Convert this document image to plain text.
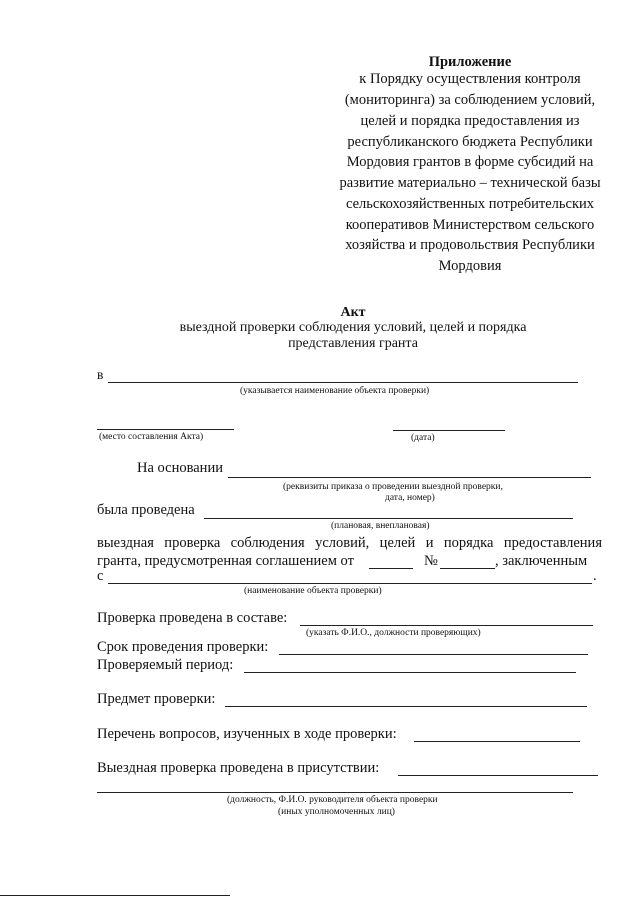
Приложение
к Порядку осуществления контроля
(мониторинга) за соблюдением условий,
целей и порядка предоставления из
республиканского бюджета Республики
Мордовия грантов в форме субсидий на
развитие материально – технической базы
сельскохозяйственных потребительских
кооперативов Министерством сельского
хозяйства и продовольствия Республики
Мордовия
Акт
выездной проверки соблюдения условий, целей и порядка
представления гранта
в
(указывается наименование объекта проверки)
(место составления Акта)	(дата)
На основании
(реквизиты приказа о проведении выездной проверки,
дата, номер)
была проведена
(плановая, внеплановая)
выездная проверка соблюдения условий, целей и порядка предоставления
гранта, предусмотренная соглашением от	№	, заключенным
с	.
(наименование объекта проверки)
Проверка проведена в составе:
(указать Ф.И.О., должности проверяющих)
Срок проведения проверки:
Проверяемый период:
Предмет проверки:
Перечень вопросов, изученных в ходе проверки:
Выездная проверка проведена в присутствии:
(должность, Ф.И.О. руководителя объекта проверки
(иных уполномоченных лиц)
